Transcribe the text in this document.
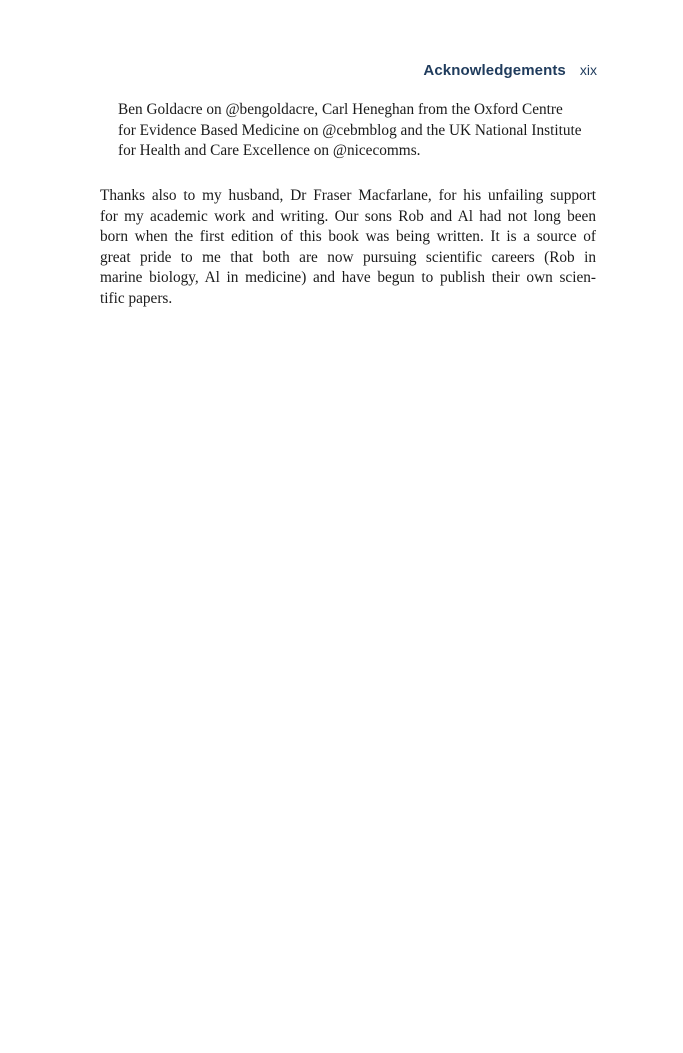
Acknowledgements xix

Ben Goldacre on @bengoldacre, Carl Heneghan from the Oxford Centre
for Evidence Based Medicine on @cebmblog and the UK National Institute
for Health and Care Excellence on @nicecomms.

Thanks also to my husband, Dr Fraser Macfarlane, for his unfailing support
for my academic work and writing. Our sons Rob and Al had not long been
born when the first edition of this book was being written. It is a source of
great pride to me that both are now pursuing scientific careers (Rob in
marine biology, Al in medicine) and have begun to publish their own scien-
tific papers.
